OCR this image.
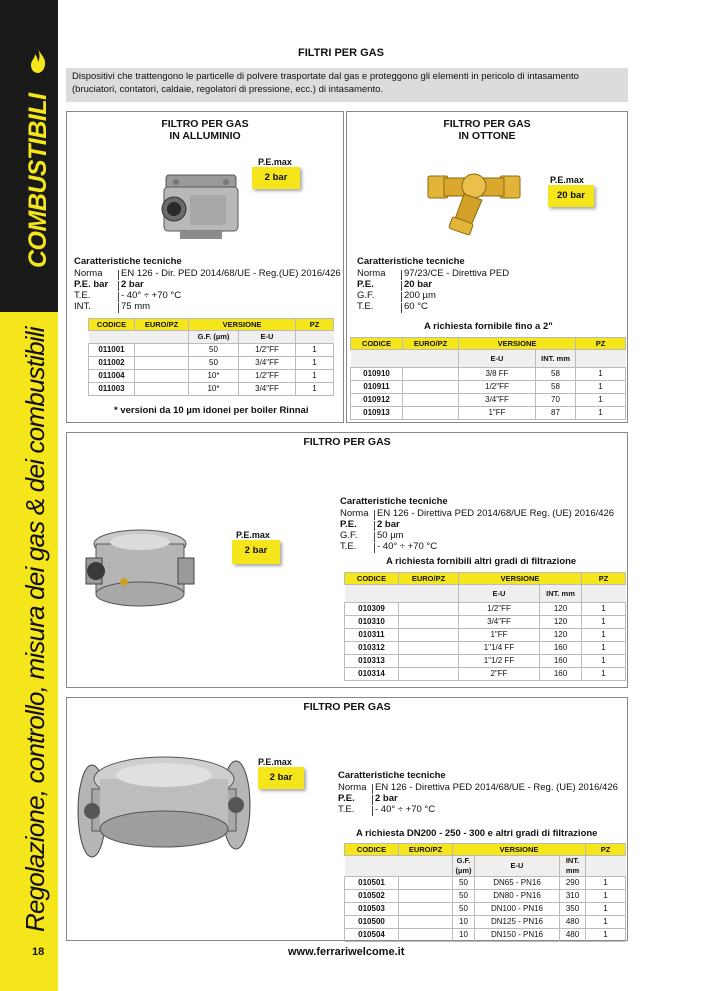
COMBUSTIBILI
Regolazione, controllo, misura dei gas & dei combustibili
18
FILTRI PER GAS
Dispositivi che trattengono le particelle di polvere trasportate dal gas e proteggono gli elementi in pericolo di intasamento (bruciatori, contatori, caldaie, regolatori di pressione, ecc.) di intasamento.
FILTRO PER GAS
IN ALLUMINIO
P.E.max
2 bar
Caratteristiche tecniche
Norma	EN 126 - Dir. PED 2014/68/UE - Reg.(UE) 2016/426
P.E. bar	2 bar
T.E.	- 40° ÷ +70 °C
INT.	75 mm
CODICE	EURO/PZ	VERSIONE		PZ
		G.F. (µm)	E-U	
011001		50	1/2"FF	1
011002		50	3/4"FF	1
011004		10*	1/2"FF	1
011003		10*	3/4"FF	1
* versioni da 10 µm idonei per boiler Rinnai
FILTRO PER GAS
IN OTTONE
P.E.max
20 bar
Caratteristiche tecniche
Norma	97/23/CE - Direttiva PED
P.E.	20 bar
G.F.	200 µm
T.E.	60 °C
A richiesta fornibile fino a 2"
CODICE	EURO/PZ	VERSIONE		PZ
		E-U	INT. mm	
010910		3/8 FF	58	1
010911		1/2"FF	58	1
010912		3/4"FF	70	1
010913		1"FF	87	1
FILTRO PER GAS
P.E.max
2 bar
Caratteristiche tecniche
Norma EN 126 - Direttiva PED 2014/68/UE Reg. (UE) 2016/426
P.E.	2 bar
G.F.	50 µm
T.E.	- 40° ÷ +70 °C
A richiesta fornibili altri gradi di filtrazione
CODICE	EURO/PZ	VERSIONE		PZ
		E-U	INT. mm	
010309		1/2"FF	120	1
010310		3/4"FF	120	1
010311		1"FF	120	1
010312		1"1/4 FF	160	1
010313		1"1/2 FF	160	1
010314		2"FF	160	1
FILTRO PER GAS
P.E.max
2 bar	Caratteristiche tecniche
Norma EN 126 - Direttiva PED 2014/68/UE - Reg. (UE) 2016/426
P.E.	2 bar
T.E.	- 40° ÷ +70 °C
A richiesta DN200 - 250 - 300 e altri gradi di filtrazione
CODICE	EURO/PZ	VERSIONE			PZ
		G.F. (µm)	E-U	INT. mm	
010501		50	DN65 - PN16	290	1
010502		50	DN80 - PN16	310	1
010503		50	DN100 - PN16	350	1
010500		10	DN125 - PN16	480	1
010504		10	DN150 - PN16	480	1
www.ferrariwelcome.it
